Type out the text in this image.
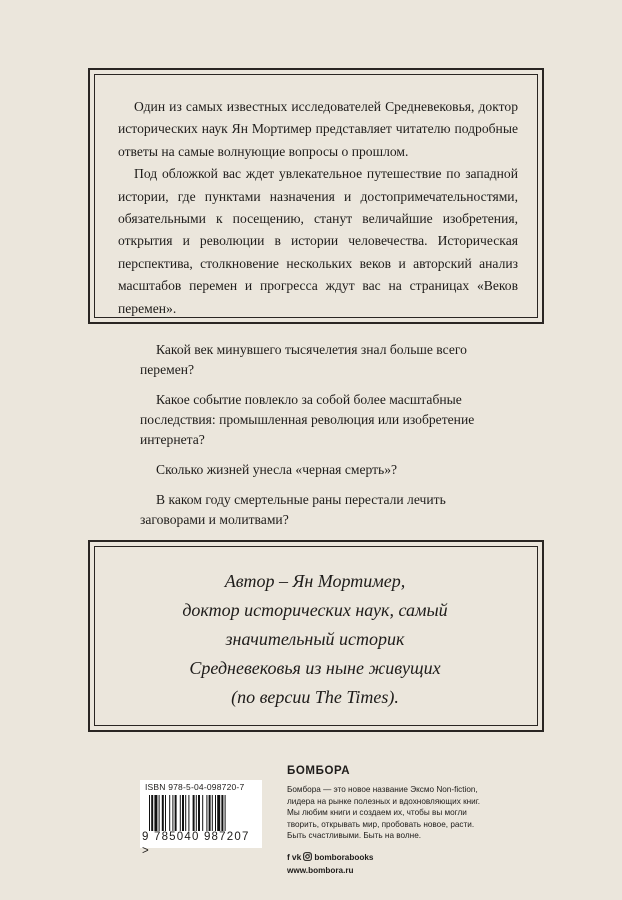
Один из самых известных исследователей Средневековья, доктор исторических наук Ян Мортимер представляет читателю подробные ответы на самые волнующие вопросы о прошлом.

Под обложкой вас ждет увлекательное путешествие по западной истории, где пунктами назначения и достопримечательностями, обязательными к посещению, станут величайшие изобретения, открытия и революции в истории человечества. Историческая перспектива, столкновение нескольких веков и авторский анализ масштабов перемен и прогресса ждут вас на страницах «Веков перемен».

Какой век минувшего тысячелетия знал больше всего перемен?

Какое событие повлекло за собой более масштабные последствия: промышленная революция или изобретение интернета?

Сколько жизней унесла «черная смерть»?

В каком году смертельные раны перестали лечить заговорами и молитвами?

Автор – Ян Мортимер,
доктор исторических наук, самый
значительный историк
Средневековья из ныне живущих
(по версии The Times).
ISBN 978-5-04-098720-7
9 785040 987207 >
БОМБОРА

Бомбора — это новое название Эксмо Non-fiction,

лидера на рынке полезных и вдохновляющих книг.

Мы любим книги и создаем их, чтобы вы могли

творить, открывать мир, пробовать новое, расти.

Быть счастливыми. Быть на волне.

f vk bomborabooks
www.bombora.ru
